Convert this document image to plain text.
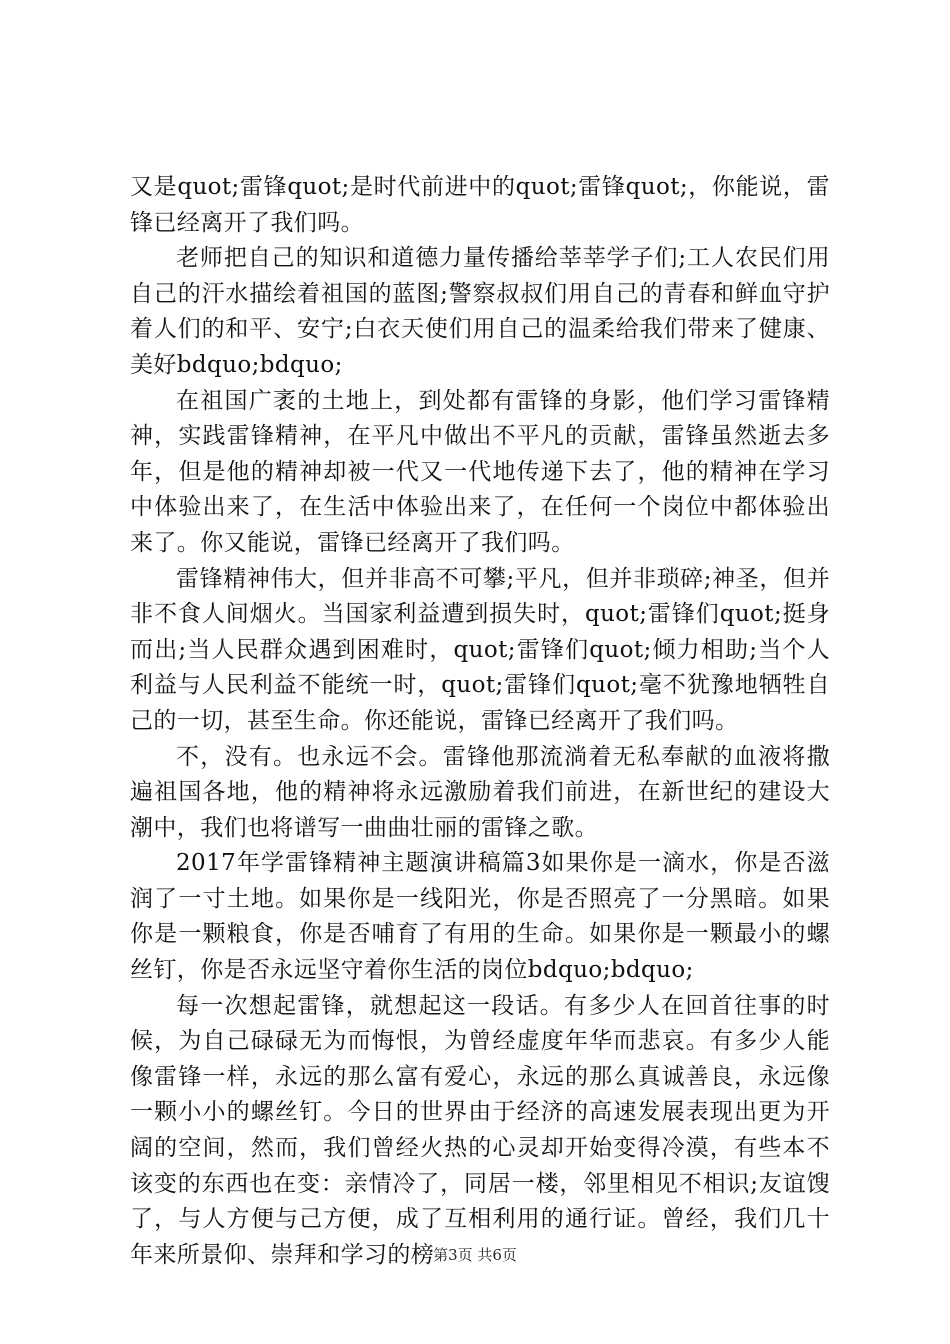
又是quot;雷锋quot;是时代前进中的quot;雷锋quot;，你能说，雷锋已经离开了我们吗。

老师把自己的知识和道德力量传播给莘莘学子们;工人农民们用自己的汗水描绘着祖国的蓝图;警察叔叔们用自己的青春和鲜血守护着人们的和平、安宁;白衣天使们用自己的温柔给我们带来了健康、美好bdquo;bdquo;

在祖国广袤的土地上，到处都有雷锋的身影，他们学习雷锋精神，实践雷锋精神，在平凡中做出不平凡的贡献，雷锋虽然逝去多年，但是他的精神却被一代又一代地传递下去了，他的精神在学习中体验出来了，在生活中体验出来了，在任何一个岗位中都体验出来了。你又能说，雷锋已经离开了我们吗。

雷锋精神伟大，但并非高不可攀;平凡，但并非琐碎;神圣，但并非不食人间烟火。当国家利益遭到损失时，quot;雷锋们quot;挺身而出;当人民群众遇到困难时，quot;雷锋们quot;倾力相助;当个人利益与人民利益不能统一时，quot;雷锋们quot;毫不犹豫地牺牲自己的一切，甚至生命。你还能说，雷锋已经离开了我们吗。

不，没有。也永远不会。雷锋他那流淌着无私奉献的血液将撒遍祖国各地，他的精神将永远激励着我们前进，在新世纪的建设大潮中，我们也将谱写一曲曲壮丽的雷锋之歌。

2017年学雷锋精神主题演讲稿篇3如果你是一滴水，你是否滋润了一寸土地。如果你是一线阳光，你是否照亮了一分黑暗。如果你是一颗粮食，你是否哺育了有用的生命。如果你是一颗最小的螺丝钉，你是否永远坚守着你生活的岗位bdquo;bdquo;

每一次想起雷锋，就想起这一段话。有多少人在回首往事的时候，为自己碌碌无为而悔恨，为曾经虚度年华而悲哀。有多少人能像雷锋一样，永远的那么富有爱心，永远的那么真诚善良，永远像一颗小小的螺丝钉。今日的世界由于经济的高速发展表现出更为开阔的空间，然而，我们曾经火热的心灵却开始变得冷漠，有些本不该变的东西也在变：亲情冷了，同居一楼，邻里相见不相识;友谊馊了，与人方便与己方便，成了互相利用的通行证。曾经，我们几十年来所景仰、崇拜和学习的榜

第3页 共6页
